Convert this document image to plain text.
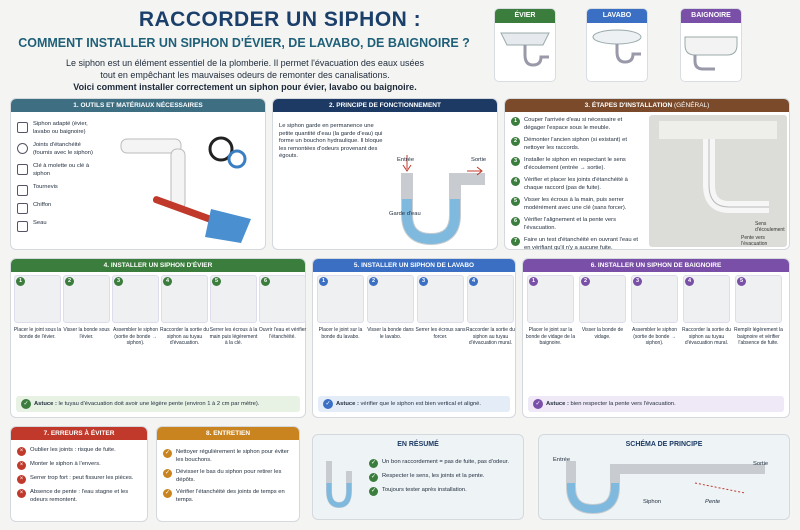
RACCORDER UN SIPHON :
COMMENT INSTALLER UN SIPHON D'ÉVIER, DE LAVABO, DE BAIGNOIRE ?
Le siphon est un élément essentiel de la plomberie. Il permet l'évacuation des eaux usées
tout en empêchant les mauvaises odeurs de remonter des canalisations.
Voici comment installer correctement un siphon pour évier, lavabo ou baignoire.
ÉVIER	LAVABO	BAIGNOIRE
1. OUTILS ET MATÉRIAUX NÉCESSAIRES
Siphon adapté (évier, lavabo ou baignoire)
Joints d'étanchéité (fournis avec le siphon)
Clé à molette ou clé à siphon
Tournevis
Chiffon
Seau
2. PRINCIPE DE FONCTIONNEMENT
Le siphon garde en permanence une petite quantité d'eau (la garde d'eau) qui forme un bouchon hydraulique. Il bloque les remontées d'odeurs provenant des égouts.
Entrée	Sortie
Garde d'eau
3. ÉTAPES D'INSTALLATION (GÉNÉRAL)
1	Couper l'arrivée d'eau si nécessaire et dégager l'espace sous le meuble.
2	Démonter l'ancien siphon (si existant) et nettoyer les raccords.
3	Installer le siphon en respectant le sens d'écoulement (entrée → sortie).
4	Vérifier et placer les joints d'étanchéité à chaque raccord (pas de fuite).
5	Visser les écrous à la main, puis serrer modérément avec une clé (sans forcer).
6	Vérifier l'alignement et la pente vers l'évacuation.
7	Faire un test d'étanchéité en ouvrant l'eau et en vérifiant qu'il n'y a aucune fuite.
Sens d'écoulement
Pente vers l'évacuation
4. INSTALLER UN SIPHON D'ÉVIER
1
Placer le joint sous la bonde de l'évier.
2
Visser la bonde sous l'évier.
3
Assembler le siphon (sortie de bonde → siphon).
4
Raccorder la sortie du siphon au tuyau d'évacuation.
5
Serrer les écrous à la main puis légèrement à la clé.
6
Ouvrir l'eau et vérifier l'étanchéité.
✓ Astuce : le tuyau d'évacuation doit avoir une légère pente (environ 1 à 2 cm par mètre).
5. INSTALLER UN SIPHON DE LAVABO
1
Placer le joint sur la bonde du lavabo.
2
Visser la bonde dans le lavabo.
3
Serrer les écrous sans forcer.
4
Raccorder la sortie du siphon au tuyau d'évacuation mural.
✓ Astuce : vérifier que le siphon est bien vertical et aligné.
6. INSTALLER UN SIPHON DE BAIGNOIRE
1
Placer le joint sur la bonde de vidage de la baignoire.
2
Visser la bonde de vidage.
3
Assembler le siphon (sortie de bonde → siphon).
4
Raccorder la sortie du siphon au tuyau d'évacuation mural.
5
Remplir légèrement la baignoire et vérifier l'absence de fuite.
✓ Astuce : bien respecter la pente vers l'évacuation.
7. ERREURS À ÉVITER
×	Oublier les joints : risque de fuite.
×	Monter le siphon à l'envers.
×	Serrer trop fort : peut fissurer les pièces.
×	Absence de pente : l'eau stagne et les odeurs remontent.
8. ENTRETIEN
✓	Nettoyer régulièrement le siphon pour éviter les bouchons.
✓	Dévisser le bas du siphon pour retirer les dépôts.
✓	Vérifier l'étanchéité des joints de temps en temps.
EN RÉSUMÉ
✓	Un bon raccordement = pas de fuite, pas d'odeur.
✓	Respecter le sens, les joints et la pente.
✓	Toujours tester après installation.
SCHÉMA DE PRINCIPE
Entrée
Siphon	Pente
Sortie
